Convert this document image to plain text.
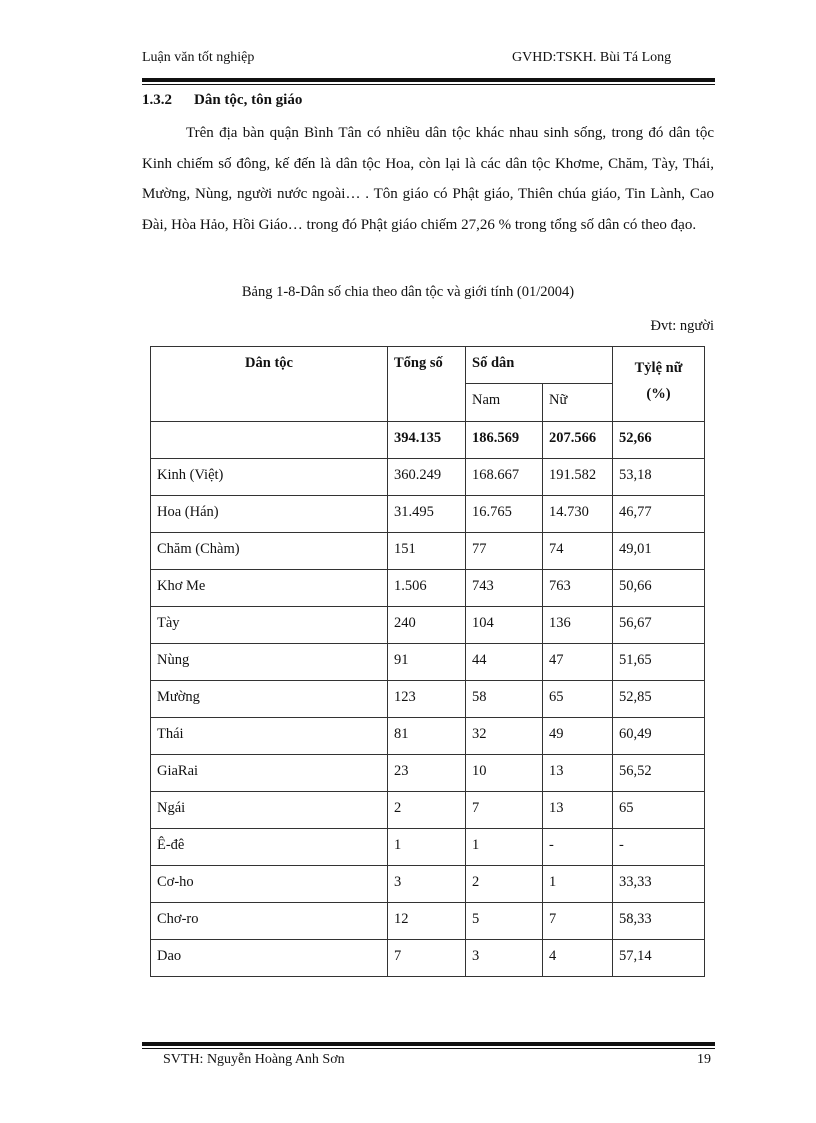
Luận văn tốt nghiệp	GVHD:TSKH. Bùi Tá Long
1.3.2 Dân tộc, tôn giáo

Trên địa bàn quận Bình Tân có nhiều dân tộc khác nhau sinh sống, trong đó dân tộc Kinh chiếm số đông, kế đến là dân tộc Hoa, còn lại là các dân tộc Khơme, Chăm, Tày, Thái, Mường, Nùng, người nước ngoài… . Tôn giáo có Phật giáo, Thiên chúa giáo, Tin Lành, Cao Đài, Hòa Hảo, Hồi Giáo… trong đó Phật giáo chiếm 27,26 % trong tổng số dân có theo đạo.

Bảng 1-8-Dân số chia theo dân tộc và giới tính (01/2004)
Đvt: người
Dân tộc	Tổng số	Số dân		Tỷlệ nữ
(%)
		Nam	Nữ	
	394.135	186.569	207.566	52,66
Kinh (Việt)	360.249	168.667	191.582	53,18
Hoa (Hán)	31.495	16.765	14.730	46,77
Chăm (Chàm)	151	77	74	49,01
Khơ Me	1.506	743	763	50,66
Tày	240	104	136	56,67
Nùng	91	44	47	51,65
Mường	123	58	65	52,85
Thái	81	32	49	60,49
GiaRai	23	10	13	56,52
Ngái	2	7	13	65
Ê-đê	1	1	-	-
Cơ-ho	3	2	1	33,33
Chơ-ro	12	5	7	58,33
Dao	7	3	4	57,14
SVTH: Nguyễn Hoàng Anh Sơn	19
